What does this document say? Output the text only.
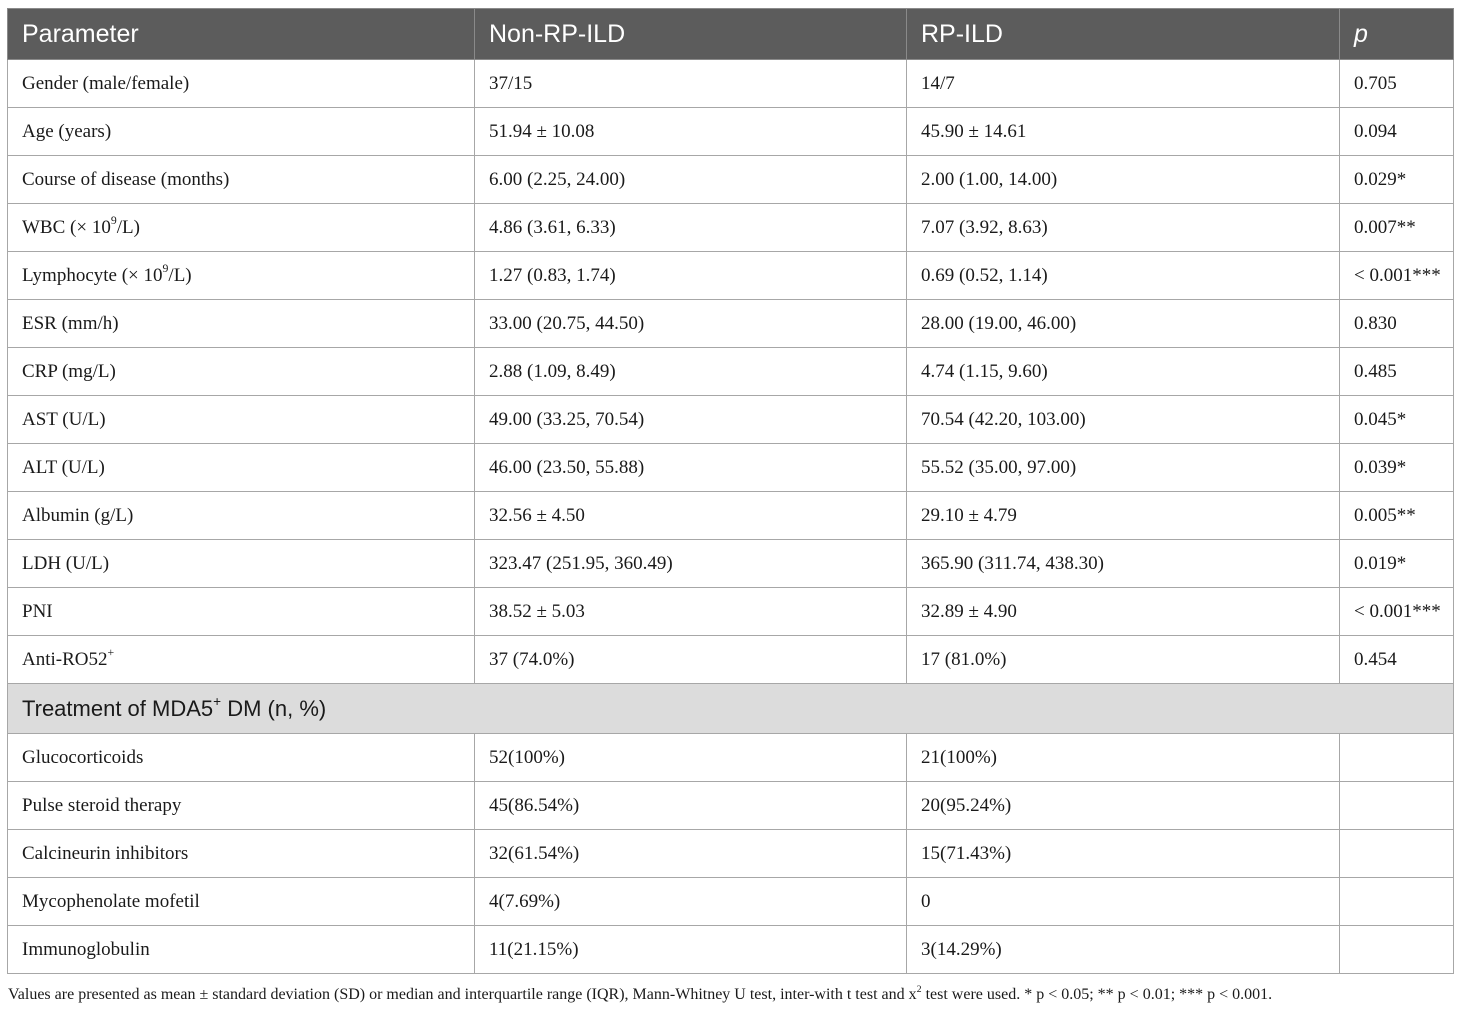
Parameter	Non-RP-ILD	RP-ILD	p
Gender (male/female)	37/15	14/7	0.705
Age (years)	51.94 ± 10.08	45.90 ± 14.61	0.094
Course of disease (months)	6.00 (2.25, 24.00)	2.00 (1.00, 14.00)	0.029*
WBC (× $10^9/L$)	4.86 (3.61, 6.33)	7.07 (3.92, 8.63)	0.007**
Lymphocyte (× $10^9/L$)	1.27 (0.83, 1.74)	0.69 (0.52, 1.14)	< 0.001***
ESR (mm/h)	33.00 (20.75, 44.50)	28.00 (19.00, 46.00)	0.830
CRP (mg/L)	2.88 (1.09, 8.49)	4.74 (1.15, 9.60)	0.485
AST (U/L)	49.00 (33.25, 70.54)	70.54 (42.20, 103.00)	0.045*
ALT (U/L)	46.00 (23.50, 55.88)	55.52 (35.00, 97.00)	0.039*
Albumin (g/L)	32.56 ± 4.50	29.10 ± 4.79	0.005**
LDH (U/L)	323.47 (251.95, 360.49)	365.90 (311.74, 438.30)	0.019*
PNI	38.52 ± 5.03	32.89 ± 4.90	< 0.001***
Anti-RO52+	37 (74.0%)	17 (81.0%)	0.454
Treatment of MDA5+ DM (n, %)			
Glucocorticoids	52(100%)	21(100%)	
Pulse steroid therapy	45(86.54%)	20(95.24%)	
Calcineurin inhibitors	32(61.54%)	15(71.43%)	
Mycophenolate mofetil	4(7.69%)	0	
Immunoglobulin	11(21.15%)	3(14.29%)	
Values are presented as mean ± standard deviation (SD) or median and interquartile range (IQR), Mann-Whitney U test, inter-with t test and $x^2$ test were used. * p < 0.05; ** p < 0.01; *** p < 0.001.
